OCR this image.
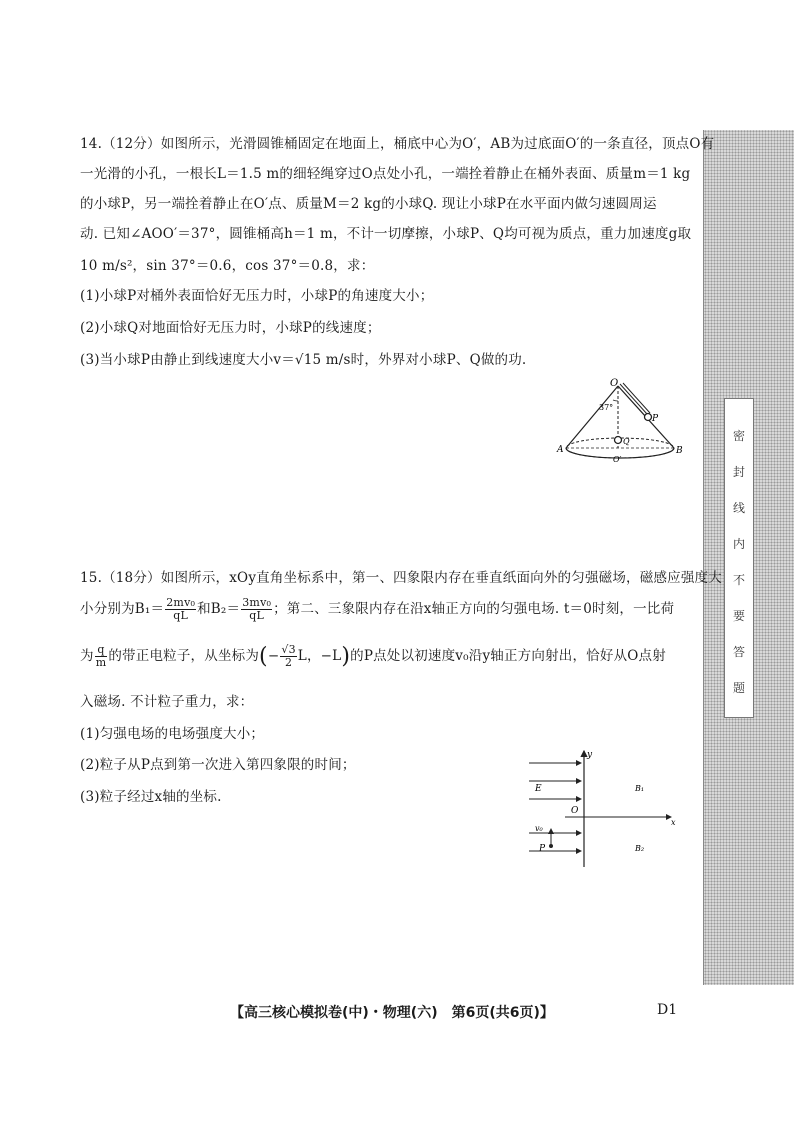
密
封
线
内
不
要
答
题
14.（12分）如图所示，光滑圆锥桶固定在地面上，桶底中心为O′，AB为过底面O′的一条直径，顶点O有
一光滑的小孔，一根长L＝1.5 m的细轻绳穿过O点处小孔，一端拴着静止在桶外表面、质量m＝1 kg
的小球P，另一端拴着静止在O′点、质量M＝2 kg的小球Q. 现让小球P在水平面内做匀速圆周运
动. 已知∠AOO′＝37°，圆锥桶高h＝1 m，不计一切摩擦，小球P、Q均可视为质点，重力加速度g取
10 m/s²，sin 37°＝0.6，cos 37°＝0.8，求：
(1)小球P对桶外表面恰好无压力时，小球P的角速度大小；
(2)小球Q对地面恰好无压力时，小球P的线速度；
(3)当小球P由静止到线速度大小v＝√15 m/s时，外界对小球P、Q做的功.
O
37°
P
Q
A	B
O′
15.（18分）如图所示，xOy直角坐标系中，第一、四象限内存在垂直纸面向外的匀强磁场，磁感应强度大
小分别为$B_1= \frac{\text{2mv₀}}{qL}$ 和$B_2= \frac{\text{3mv₀}}{qL}$ ；第二、三象限内存在沿x轴正方向的匀强电场. t＝0时刻，一比荷
为 $\frac{q}{m}$ 的带正电粒子，从坐标为(− $\frac{√3}{2}$ L，−L)的P点处以初速度v₀沿y轴正方向射出，恰好从O点射
入磁场. 不计粒子重力，求：
(1)匀强电场的电场强度大小；
(2)粒子从P点到第一次进入第四象限的时间；
(3)粒子经过x轴的坐标.
y
E
O
x
v₀
P
B₁
B₂
【高三核心模拟卷(中)・物理(六)　第6页(共6页)】	D1
